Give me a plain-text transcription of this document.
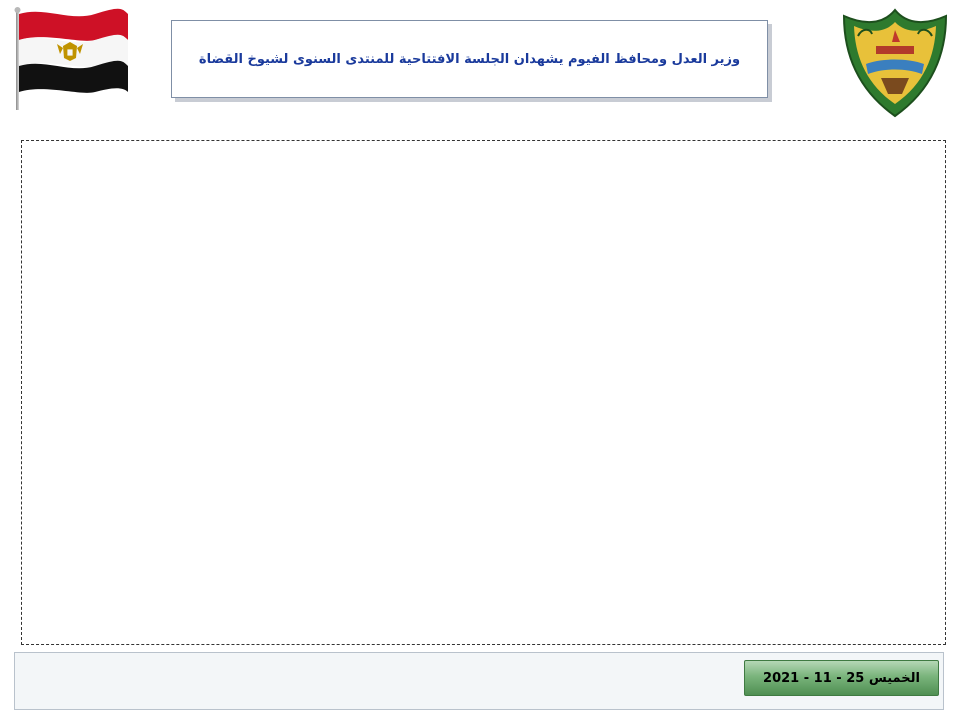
وزير العدل ومحافظ الفيوم يشهدان الجلسة الافتتاحية للمنتدى السنوى لشيوخ القضاة
الخميس 25 - 11 - 2021
